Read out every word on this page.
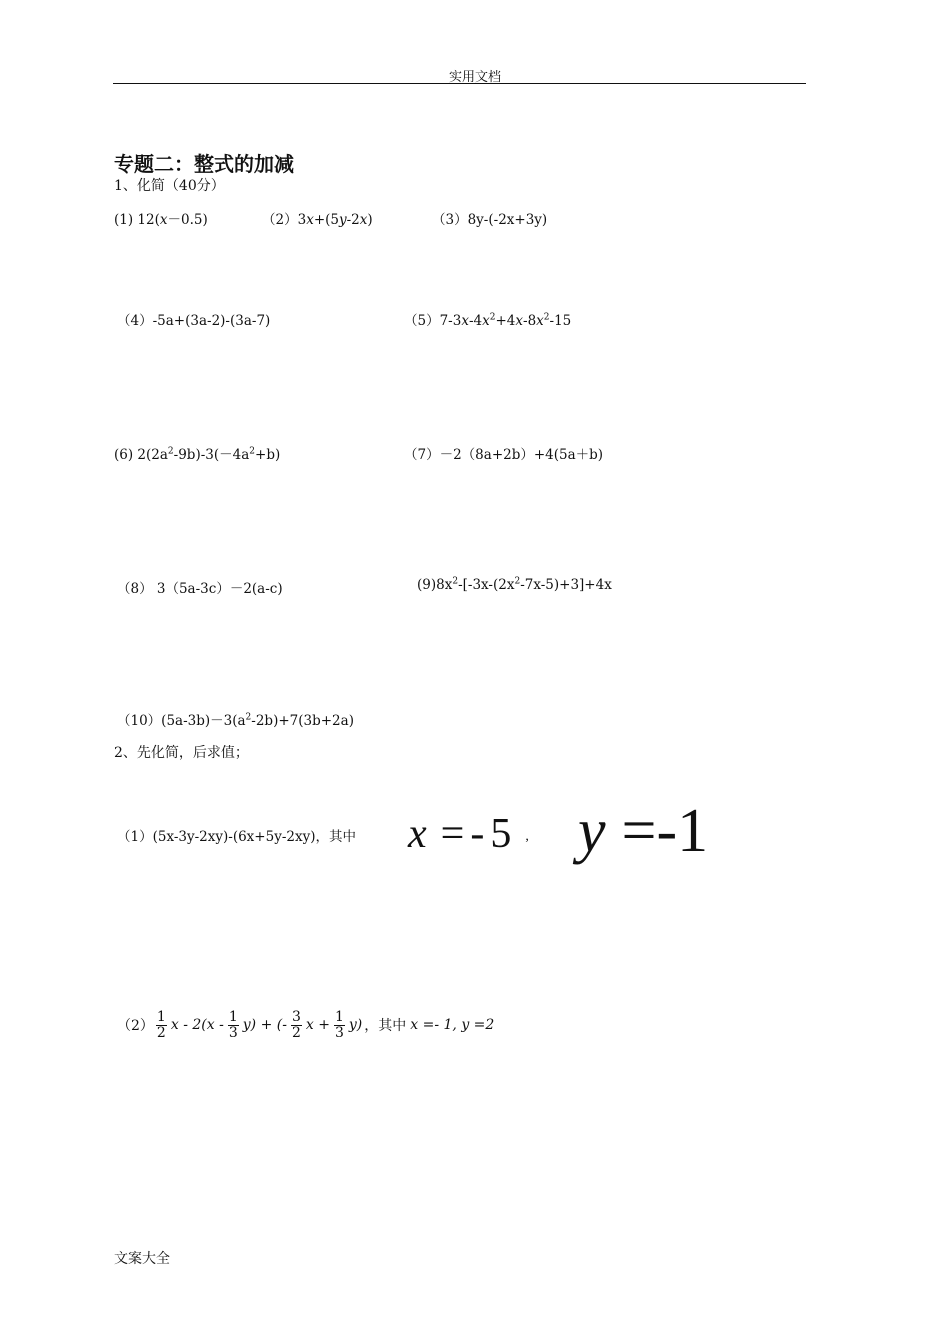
实用文档
专题二：整式的加减
1、化简（40分）
(1) 12(x－0.5)	（2）3x+(5y-2x)	（3）8y-(-2x+3y)
（4）-5a+(3a-2)-(3a-7)	$(5)7-3x-4x^2+4x-8x^2-15$
(6) $2(2a^2-9b)-3(-4a^2+b)$	（7）－2（8a+2b）+4(5a＋b)
（8） 3（5a-3c）－2(a-c)	$(9)8x^2-[-3x-(2x^2-7x-5)+3]+4x$
$(10)(5a-3b)-3(a^2-2b)+7(3b+2a)$
2、先化简，后求值；
（1）(5x-3y-2xy)-(6x+5y-2xy)，其中 x =-5 , y =-1
$(2) \frac{1}{2}$ x - $2(x - \frac{1}{3} y)$ + (- $\frac{3}{2}$ $x + \frac{1}{3} y$) ，其中 x =- 1, y =2
文案大全
